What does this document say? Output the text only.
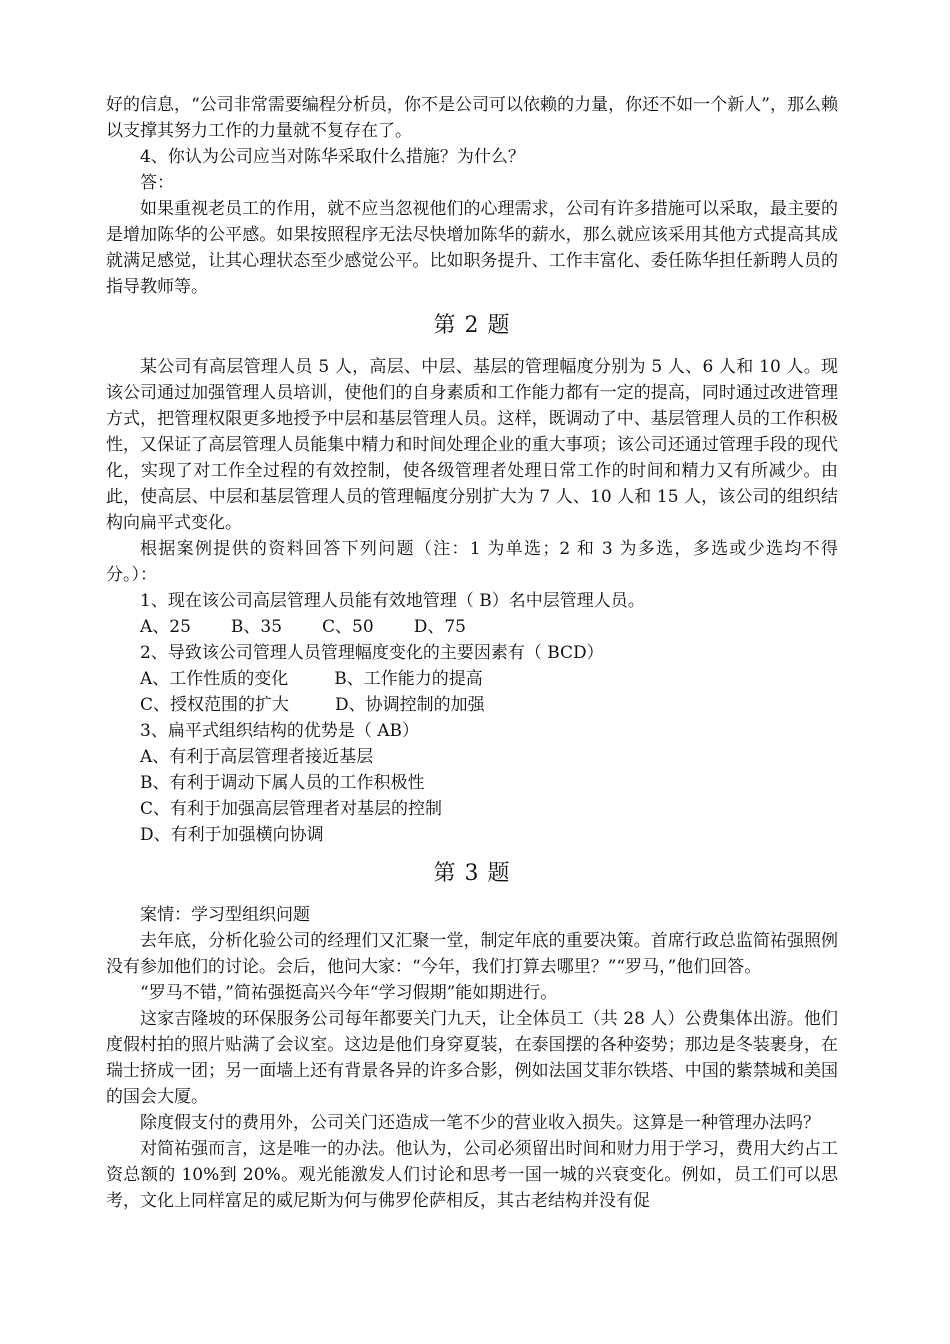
好的信息，“公司非常需要编程分析员，你不是公司可以依赖的力量，你还不如一个新人”，那么赖以支撑其努力工作的力量就不复存在了。

4、你认为公司应当对陈华采取什么措施？为什么？

答：

如果重视老员工的作用，就不应当忽视他们的心理需求，公司有许多措施可以采取，最主要的是增加陈华的公平感。如果按照程序无法尽快增加陈华的薪水，那么就应该采用其他方式提高其成就满足感觉，让其心理状态至少感觉公平。比如职务提升、工作丰富化、委任陈华担任新聘人员的指导教师等。

第 2 题

某公司有高层管理人员 5 人，高层、中层、基层的管理幅度分别为 5 人、6 人和 10 人。现该公司通过加强管理人员培训，使他们的自身素质和工作能力都有一定的提高，同时通过改进管理方式，把管理权限更多地授予中层和基层管理人员。这样，既调动了中、基层管理人员的工作积极性，又保证了高层管理人员能集中精力和时间处理企业的重大事项；该公司还通过管理手段的现代化，实现了对工作全过程的有效控制，使各级管理者处理日常工作的时间和精力又有所减少。由此，使高层、中层和基层管理人员的管理幅度分别扩大为 7 人、10 人和 15 人，该公司的组织结构向扁平式变化。

根据案例提供的资料回答下列问题（注：1 为单选；2 和 3 为多选，多选或少选均不得分。）：

1、现在该公司高层管理人员能有效地管理（ B）名中层管理人员。

A、25 B、35 C、50 D、75

2、导致该公司管理人员管理幅度变化的主要因素有（ BCD）

A、工作性质的变化	B、工作能力的提高
C、授权范围的扩大	D、协调控制的加强

3、扁平式组织结构的优势是（ AB）

A、有利于高层管理者接近基层

B、有利于调动下属人员的工作积极性

C、有利于加强高层管理者对基层的控制

D、有利于加强横向协调

第 3 题

案情：学习型组织问题

去年底，分析化验公司的经理们又汇聚一堂，制定年底的重要决策。首席行政总监简祐强照例没有参加他们的讨论。会后，他问大家：“今年，我们打算去哪里？”“罗马，”他们回答。

“罗马不错，”简祐强挺高兴今年“学习假期”能如期进行。

这家吉隆坡的环保服务公司每年都要关门九天，让全体员工（共 28 人）公费集体出游。他们度假村拍的照片贴满了会议室。这边是他们身穿夏装，在泰国摆的各种姿势；那边是冬装裹身，在瑞士挤成一团；另一面墙上还有背景各异的许多合影，例如法国艾菲尔铁塔、中国的紫禁城和美国的国会大厦。

除度假支付的费用外，公司关门还造成一笔不少的营业收入损失。这算是一种管理办法吗？

对简祐强而言，这是唯一的办法。他认为，公司必须留出时间和财力用于学习，费用大约占工资总额的 10%到 20%。观光能激发人们讨论和思考一国一城的兴衰变化。例如，员工们可以思考，文化上同样富足的威尼斯为何与佛罗伦萨相反，其古老结构并没有促
